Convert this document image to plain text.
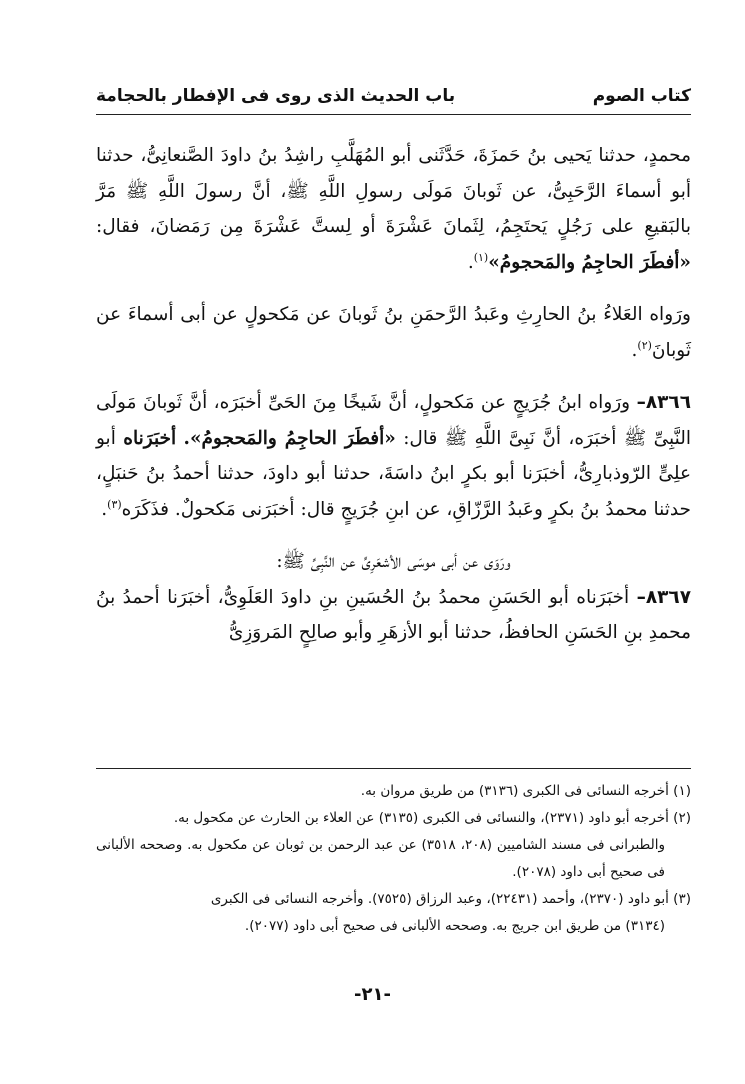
كتاب الصوم
باب الحديث الذى روى فى الإفطار بالحجامة

محمدٍ، حدثنا يَحيى بنُ حَمزَةَ، حَدَّثَنى أبو المُهَلَّبِ راشِدُ بنُ داودَ الصَّنعانِىُّ، حدثنا أبو أسماءَ الرَّحَبِىُّ، عن ثَوبانَ مَولَى رسولِ اللَّهِ ﷺ، أنَّ رسولَ اللَّهِ ﷺ مَرَّ بالبَقيعِ على رَجُلٍ يَحتَجِمُ، لِثَمانَ عَشْرَةَ أو لِستَّ عَشْرَةَ مِن رَمَضانَ، فقال: «أفطَرَ الحاجِمُ والمَحجومُ»$^{(١)}$.

ورَواه العَلاءُ بنُ الحارِثِ وعَبدُ الرَّحمَنِ بنُ ثَوبانَ عن مَكحولٍ عن أبى أسماءَ عن ثَوبانَ$^{(٢)}$.

٨٣٦٦– ورَواه ابنُ جُرَيجٍ عن مَكحولٍ، أنَّ شَيخًا مِنَ الحَىِّ أخبَرَه، أنَّ ثَوبانَ مَولَى النَّبِىِّ ﷺ أخبَرَه، أنَّ نَبِىَّ اللَّهِ ﷺ قال: «أفطَرَ الحاجِمُ والمَحجومُ». أخبَرَناه أبو علِىٍّ الرّوذبارِىُّ، أخبَرَنا أبو بكرٍ ابنُ داسَةَ، حدثنا أبو داودَ، حدثنا أحمدُ بنُ حَنبَلٍ، حدثنا محمدُ بنُ بكرٍ وعَبدُ الرَّزّاقِ، عن ابنِ جُرَيجٍ قال: أخبَرَنى مَكحولٌ. فذَكَرَه$^{(٣)}$.

ورَوَى عن أبى موسَى الأشعَرِىِّ عن النَّبِىِّ ﷺ:

٨٣٦٧– أخبَرَناه أبو الحَسَنِ محمدُ بنُ الحُسَينِ بنِ داودَ العَلَوِىُّ، أخبَرَنا أحمدُ بنُ محمدِ بنِ الحَسَنِ الحافظُ، حدثنا أبو الأزهَرِ وأبو صالِحٍ المَروَزِىُّ

(١) أخرجه النسائى فى الكبرى (٣١٣٦) من طريق مروان به.

(٢) أخرجه أبو داود (٢٣٧١)، والنسائى فى الكبرى (٣١٣٥) عن العلاء بن الحارث عن مكحول به.

والطبرانى فى مسند الشاميين (٢٠٨، ٣٥١٨) عن عبد الرحمن بن ثوبان عن مكحول به. وصححه الألبانى فى صحيح أبى داود (٢٠٧٨).

(٣) أبو داود (٢٣٧٠)، وأحمد (٢٢٤٣١)، وعبد الرزاق (٧٥٢٥). وأخرجه النسائى فى الكبرى

(٣١٣٤) من طريق ابن جريج به. وصححه الألبانى فى صحيح أبى داود (٢٠٧٧).

-٢١-
